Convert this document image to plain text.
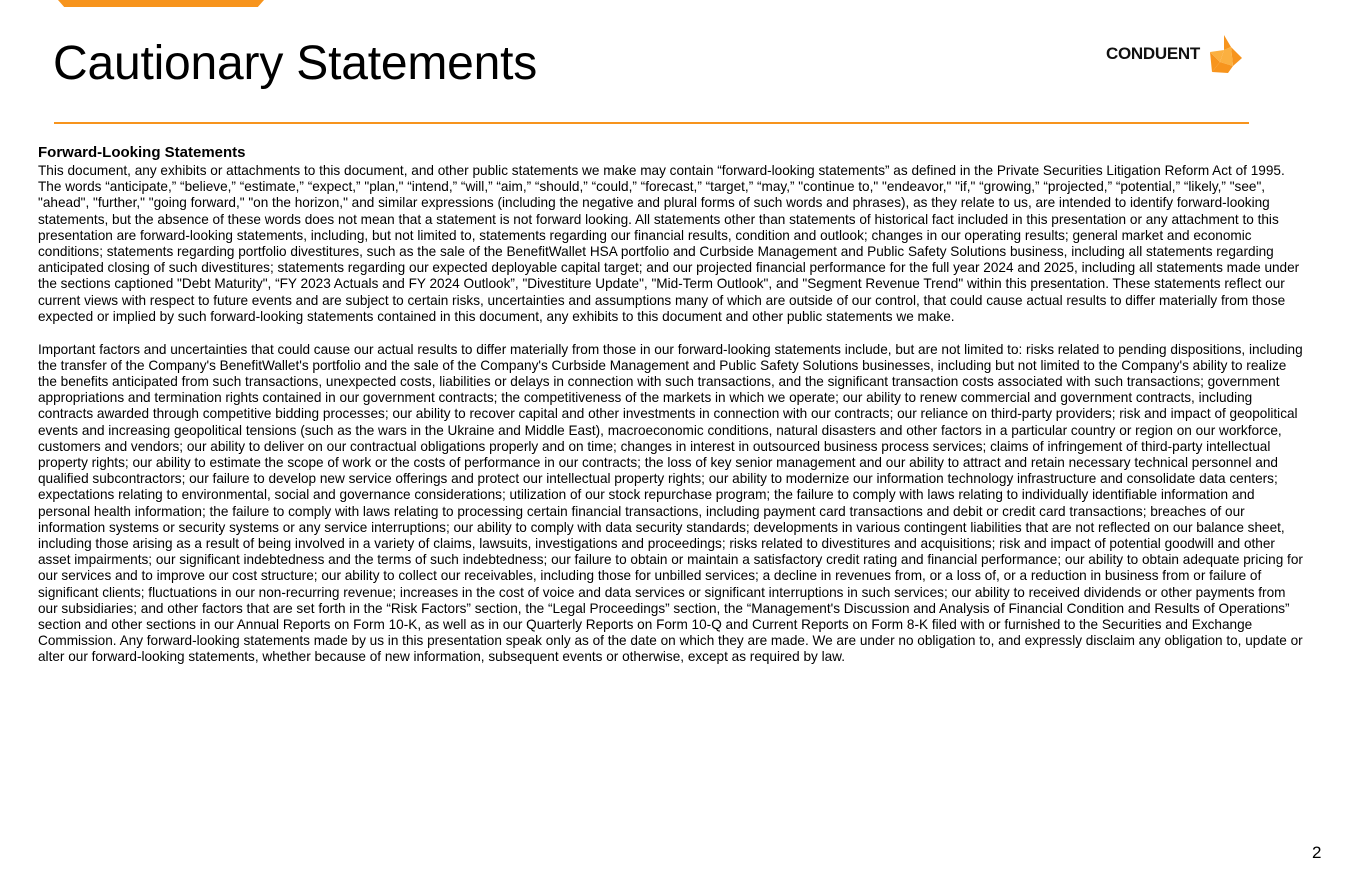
Cautionary Statements	CONDUENT
Forward-Looking Statements

This document, any exhibits or attachments to this document, and other public statements we make may contain “forward-looking statements” as defined in the Private Securities Litigation Reform Act of 1995. The words “anticipate,” “believe,” “estimate,” “expect,” "plan," “intend,” “will,” “aim,” “should,” “could,” “forecast,” “target,” “may,” "continue to," "endeavor," "if," “growing,” “projected,” “potential,” “likely,” "see", "ahead", "further," "going forward," "on the horizon," and similar expressions (including the negative and plural forms of such words and phrases), as they relate to us, are intended to identify forward-looking statements, but the absence of these words does not mean that a statement is not forward looking. All statements other than statements of historical fact included in this presentation or any attachment to this presentation are forward-looking statements, including, but not limited to, statements regarding our financial results, condition and outlook; changes in our operating results; general market and economic conditions; statements regarding portfolio divestitures, such as the sale of the BenefitWallet HSA portfolio and Curbside Management and Public Safety Solutions business, including all statements regarding anticipated closing of such divestitures; statements regarding our expected deployable capital target; and our projected financial performance for the full year 2024 and 2025, including all statements made under the sections captioned "Debt Maturity", “FY 2023 Actuals and FY 2024 Outlook”, "Divestiture Update", "Mid-Term Outlook", and "Segment Revenue Trend" within this presentation. These statements reflect our current views with respect to future events and are subject to certain risks, uncertainties and assumptions many of which are outside of our control, that could cause actual results to differ materially from those expected or implied by such forward-looking statements contained in this document, any exhibits to this document and other public statements we make.

Important factors and uncertainties that could cause our actual results to differ materially from those in our forward-looking statements include, but are not limited to: risks related to pending dispositions, including the transfer of the Company's BenefitWallet's portfolio and the sale of the Company's Curbside Management and Public Safety Solutions businesses, including but not limited to the Company's ability to realize the benefits anticipated from such transactions, unexpected costs, liabilities or delays in connection with such transactions, and the significant transaction costs associated with such transactions; government appropriations and termination rights contained in our government contracts; the competitiveness of the markets in which we operate; our ability to renew commercial and government contracts, including contracts awarded through competitive bidding processes; our ability to recover capital and other investments in connection with our contracts; our reliance on third-party providers; risk and impact of geopolitical events and increasing geopolitical tensions (such as the wars in the Ukraine and Middle East), macroeconomic conditions, natural disasters and other factors in a particular country or region on our workforce, customers and vendors; our ability to deliver on our contractual obligations properly and on time; changes in interest in outsourced business process services; claims of infringement of third-party intellectual property rights; our ability to estimate the scope of work or the costs of performance in our contracts; the loss of key senior management and our ability to attract and retain necessary technical personnel and qualified subcontractors; our failure to develop new service offerings and protect our intellectual property rights; our ability to modernize our information technology infrastructure and consolidate data centers; expectations relating to environmental, social and governance considerations; utilization of our stock repurchase program; the failure to comply with laws relating to individually identifiable information and personal health information; the failure to comply with laws relating to processing certain financial transactions, including payment card transactions and debit or credit card transactions; breaches of our information systems or security systems or any service interruptions; our ability to comply with data security standards; developments in various contingent liabilities that are not reflected on our balance sheet, including those arising as a result of being involved in a variety of claims, lawsuits, investigations and proceedings; risks related to divestitures and acquisitions; risk and impact of potential goodwill and other asset impairments; our significant indebtedness and the terms of such indebtedness; our failure to obtain or maintain a satisfactory credit rating and financial performance; our ability to obtain adequate pricing for our services and to improve our cost structure; our ability to collect our receivables, including those for unbilled services; a decline in revenues from, or a loss of, or a reduction in business from or failure of significant clients; fluctuations in our non-recurring revenue; increases in the cost of voice and data services or significant interruptions in such services; our ability to received dividends or other payments from our subsidiaries; and other factors that are set forth in the “Risk Factors” section, the “Legal Proceedings” section, the “Management's Discussion and Analysis of Financial Condition and Results of Operations” section and other sections in our Annual Reports on Form 10-K, as well as in our Quarterly Reports on Form 10-Q and Current Reports on Form 8-K filed with or furnished to the Securities and Exchange Commission. Any forward-looking statements made by us in this presentation speak only as of the date on which they are made. We are under no obligation to, and expressly disclaim any obligation to, update or alter our forward-looking statements, whether because of new information, subsequent events or otherwise, except as required by law.

2
